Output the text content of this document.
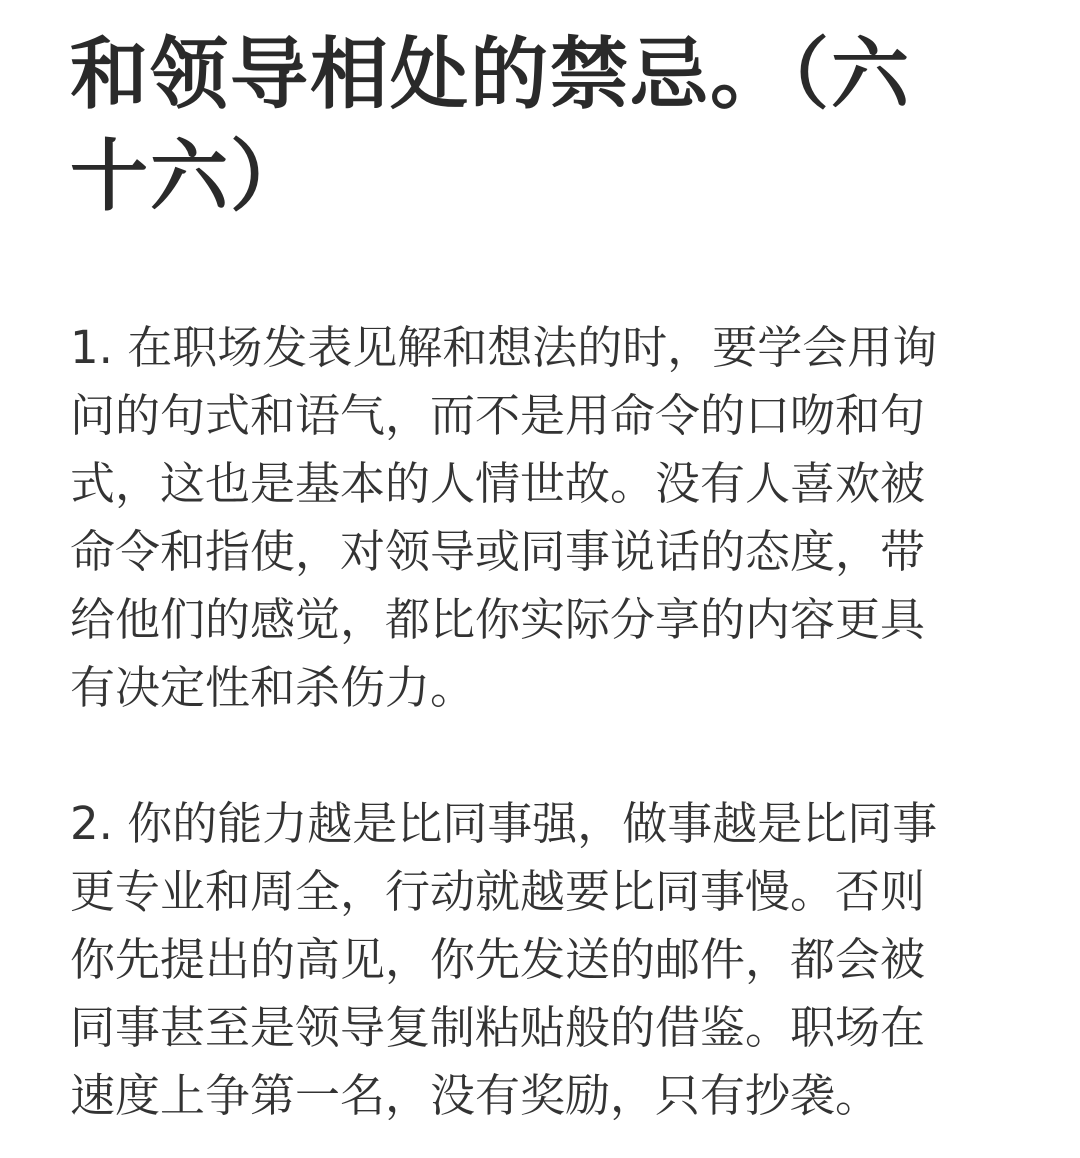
和领导相处的禁忌。（六
十六）

1. 在职场发表见解和想法的时，要学会用询
问的句式和语气，而不是用命令的口吻和句
式，这也是基本的人情世故。没有人喜欢被
命令和指使，对领导或同事说话的态度，带
给他们的感觉，都比你实际分享的内容更具
有决定性和杀伤力。

2. 你的能力越是比同事强，做事越是比同事
更专业和周全，行动就越要比同事慢。否则
你先提出的高见，你先发送的邮件，都会被
同事甚至是领导复制粘贴般的借鉴。职场在
速度上争第一名，没有奖励，只有抄袭。
